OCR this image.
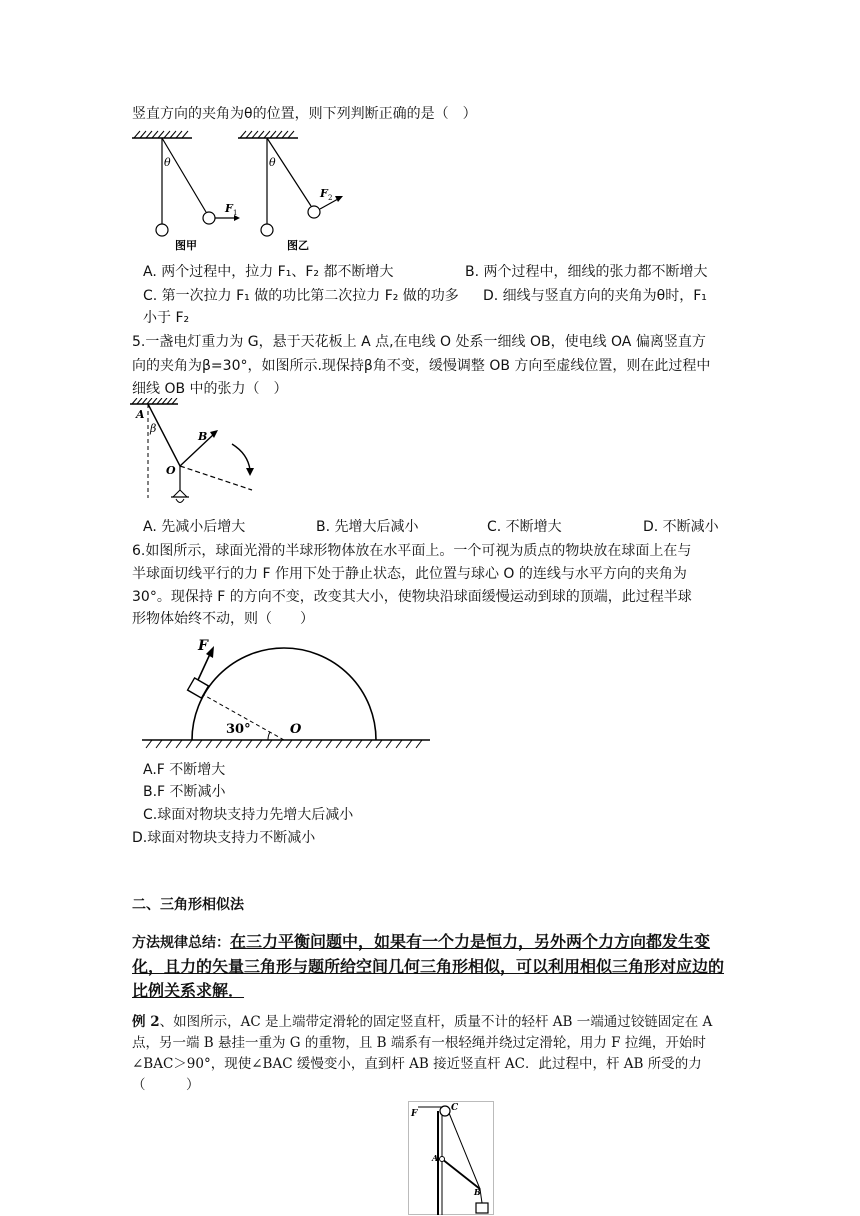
竖直方向的夹角为θ的位置，则下列判断正确的是（　）
θ
F 1
图甲
θ
F 2
图乙
A. 两个过程中，拉力 F₁、F₂ 都不断增大	B. 两个过程中，细线的张力都不断增大
C. 第一次拉力 F₁ 做的功比第二次拉力 F₂ 做的功多 D. 细线与竖直方向的夹角为θ时，F₁
小于 F₂
5.一盏电灯重力为 G，悬于天花板上 A 点,在电线 O 处系一细线 OB，使电线 OA 偏离竖直方
向的夹角为β=30°，如图所示.现保持β角不变，缓慢调整 OB 方向至虚线位置，则在此过程中
细线 OB 中的张力（　）
A
β
B
O
A. 先减小后增大	B. 先增大后减小	C. 不断增大	D. 不断减小
6.如图所示，球面光滑的半球形物体放在水平面上。一个可视为质点的物块放在球面上在与
半球面切线平行的力 F 作用下处于静止状态，此位置与球心 O 的连线与水平方向的夹角为
30°。现保持 F 的方向不变，改变其大小，使物块沿球面缓慢运动到球的顶端，此过程半球
形物体始终不动，则（　　）
F
30°	O
A.F 不断增大
B.F 不断减小
C.球面对物块支持力先增大后减小
D.球面对物块支持力不断减小
二、三角形相似法
方法规律总结：在三力平衡问题中，如果有一个力是恒力，另外两个力方向都发生变化，且力的矢量三角形与题所给空间几何三角形相似，可以利用相似三角形对应边的比例关系求解．
例 2、如图所示，AC 是上端带定滑轮的固定竖直杆，质量不计的轻杆 AB 一端通过铰链固定在 A 点，另一端 B 悬挂一重为 G 的重物，且 B 端系有一根轻绳并绕过定滑轮，用力 F 拉绳，开始时∠BAC＞90°，现使∠BAC 缓慢变小，直到杆 AB 接近竖直杆 AC．此过程中，杆 AB 所受的力（　　　）
F
C
A
B
